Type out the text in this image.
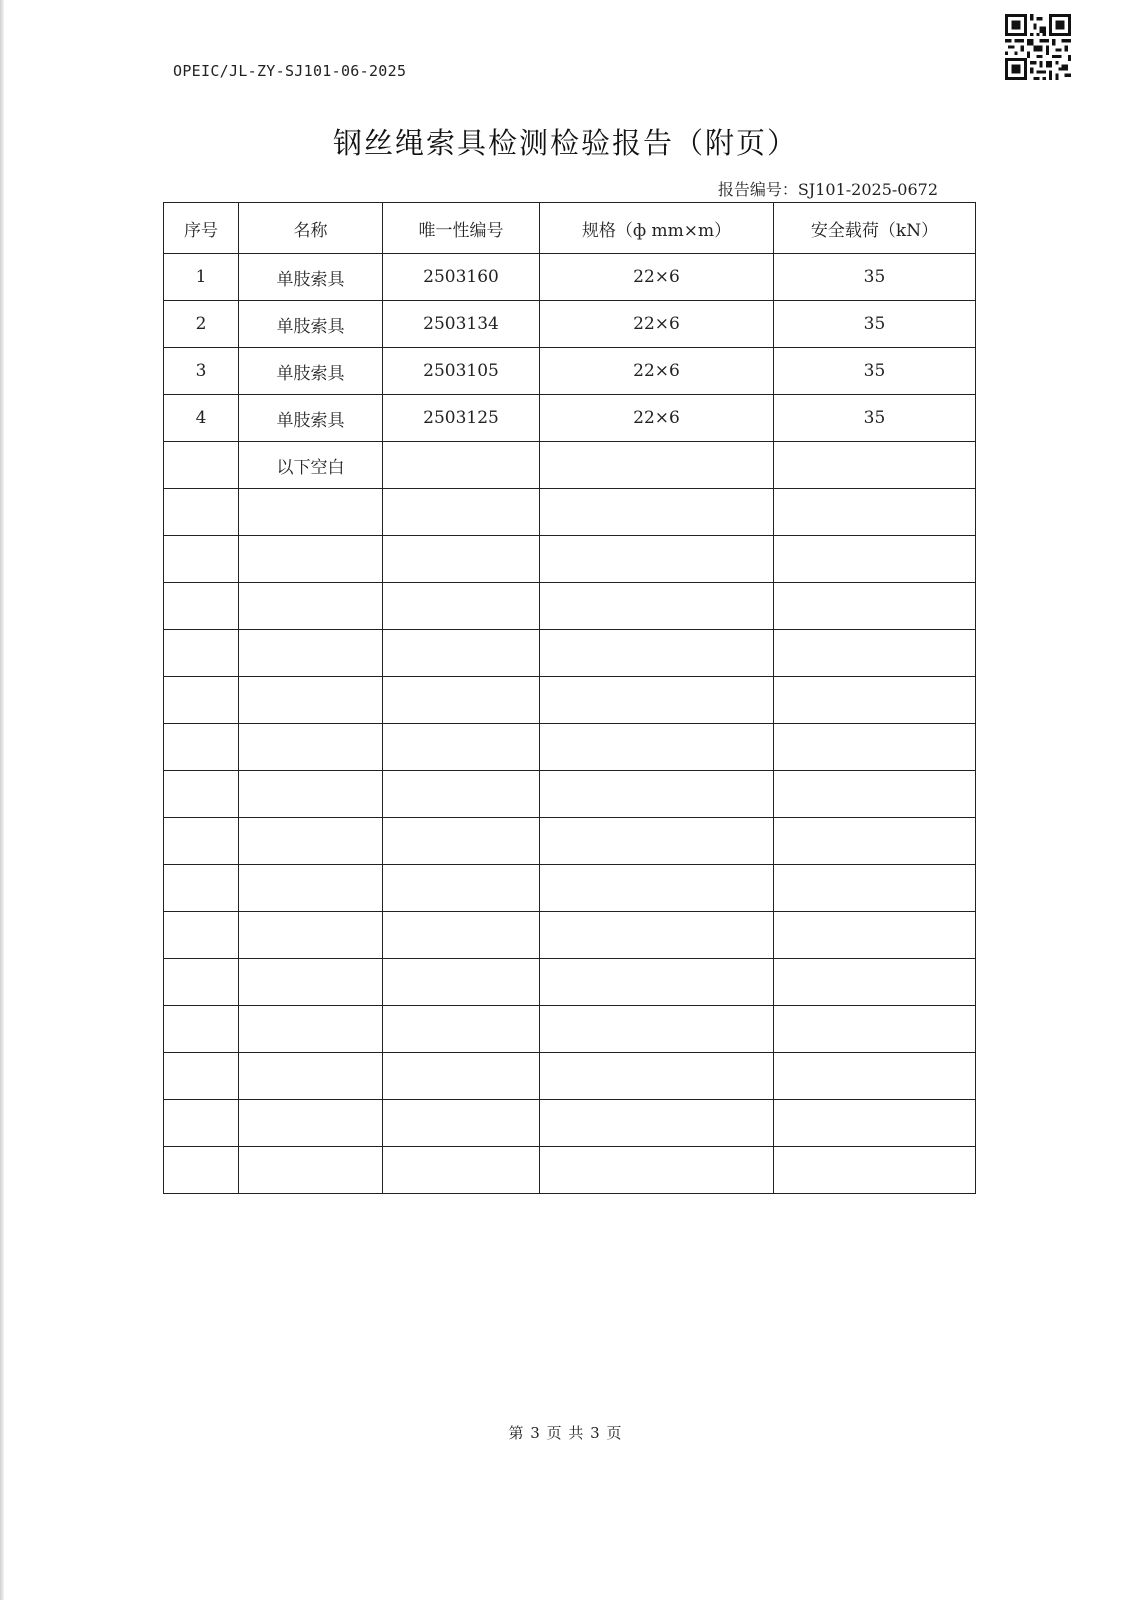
OPEIC/JL-ZY-SJ101-06-2025
钢丝绳索具检测检验报告（附页）
报告编号：SJ101-2025-0672
序号	名称	唯一性编号	规格（ф mm×m）	安全载荷（kN）
1	单肢索具	2503160	22×6	35
2	单肢索具	2503134	22×6	35
3	单肢索具	2503105	22×6	35
4	单肢索具	2503125	22×6	35
	以下空白			

第 3 页 共 3 页
